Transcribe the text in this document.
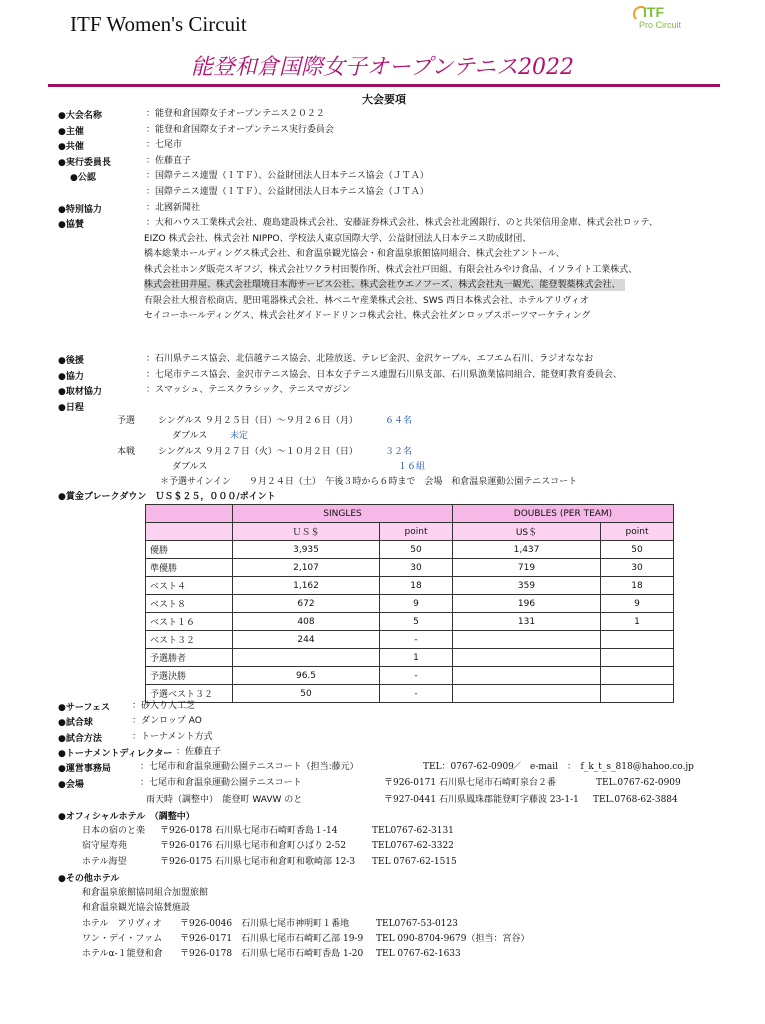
ITF Women's Circuit	ITF
Pro Circuit
能登和倉国際女子オープンテニス2022
大会要項
●大会名称	：能登和倉国際女子オープンテニス２０２２
●主催	：能登和倉国際女子オープンテニス実行委員会
●共催	：七尾市
●実行委員長	：佐藤直子
●公認	：国際テニス連盟（ＩＴＦ）、公益財団法人日本テニス協会（ＪＴＡ）
：国際テニス連盟（ＩＴＦ）、公益財団法人日本テニス協会（ＪＴＡ）
●特別協力	：北國新聞社
●協賛	：大和ハウス工業株式会社、鹿島建設株式会社、安藤証券株式会社、株式会社北國銀行、のと共栄信用金庫、株式会社ロッテ、
EIZO 株式会社、株式会社 NIPPO、学校法人東京国際大学、公益財団法人日本テニス助成財団、
橋本総業ホールディングス株式会社、和倉温泉観光協会・和倉温泉旅館協同組合、株式会社アントール、
株式会社ホンダ販売スギフジ、株式会社ワクラ村田製作所、株式会社戸田組、有限会社みやけ食品、イソライト工業株式、
株式会社田井屋、株式会社環境日本海サービス公社、株式会社ウエノフーズ、株式会社丸一観光、能登製薬株式会社、
有限会社大根音松商店、肥田電器株式会社、林ベニヤ産業株式会社、SWS 西日本株式会社、ホテルアリヴィオ
セイコーホールディングス、株式会社ダイドードリンコ株式会社、株式会社ダンロップスポーツマーケティング
●後援	：石川県テニス協会、北信越テニス協会、北陸放送、テレビ金沢、金沢ケーブル、エフエム石川、ラジオななお
●協力	：七尾市テニス協会、金沢市テニス協会、日本女子テニス連盟石川県支部、石川県漁業協同組合、能登町教育委員会、
●取材協力	：スマッシュ、テニスクラシック、テニスマガジン
●日程
予選	シングルス ９月２５日（日）～９月２６日（月）	６４名
ダブルス	未定
本戦	シングルス ９月２７日（火）～１０月２日（日）	３２名
ダブルス	１６組
＊予選サインイン　　９月２４日（土）　午後３時から６時まで　会場　和倉温泉運動公園テニスコート
●賞金ブレークダウン　ＵＳ＄２５，０００/ポイント
	SINGLES		DOUBLES (PER TEAM)	
	ＵＳ＄	point	US＄	point
優勝	3,935	50	1,437	50
準優勝	2,107	30	719	30
ベスト４	1,162	18	359	18
ベスト８	672	9	196	9
ベスト１６	408	5	131	1
ベスト３２	244	-		
予選勝者		1		
予選決勝	96.5	-		
予選ベスト３２	50	-		
●サーフェス ：砂入り人工芝
●試合球	：ダンロップ AO
●試合方法	：トーナメント方式
●トーナメントディレクター ：佐藤直子
●運営事務局	：七尾市和倉温泉運動公園テニスコート（担当:藤元）	TEL：0767-62-0909
／ e-mail　：　f_k_t_s_818@hahoo.co.jp
●会場	：七尾市和倉温泉運動公園テニスコート	〒926-0171 石川県七尾市石崎町泉台２番	TEL.0767-62-0909
雨天時（調整中）　能登町 WAVW のと	〒927-0441 石川県鳳珠郡能登町字藤波 23-1-1 TEL.0768-62-3884
●オフィシャルホテル　（調整中）
日本の宿のと楽 〒926-0178 石川県七尾市石崎町香島１-14	TEL0767-62-3131
宿守屋寿苑	〒926-0176 石川県七尾市和倉町ひばり 2-52	TEL0767-62-3322
ホテル海望	〒926-0175 石川県七尾市和倉町和歌崎部 12-3 TEL 0767-62-1515
●その他ホテル
和倉温泉旅館協同組合加盟旅館
和倉温泉観光協会協賛施設
ホテル　アリヴィオ 〒926-0046　石川県七尾市神明町１番地	TEL0767-53-0123
ワン・デイ・ファム 〒926-0171　石川県七尾市石崎町乙部 19-9 TEL 090-8704-9679（担当：宮谷）
ホテルα-１能登和倉 〒926-0178　石川県七尾市石崎町香島 1-20 TEL 0767-62-1633
